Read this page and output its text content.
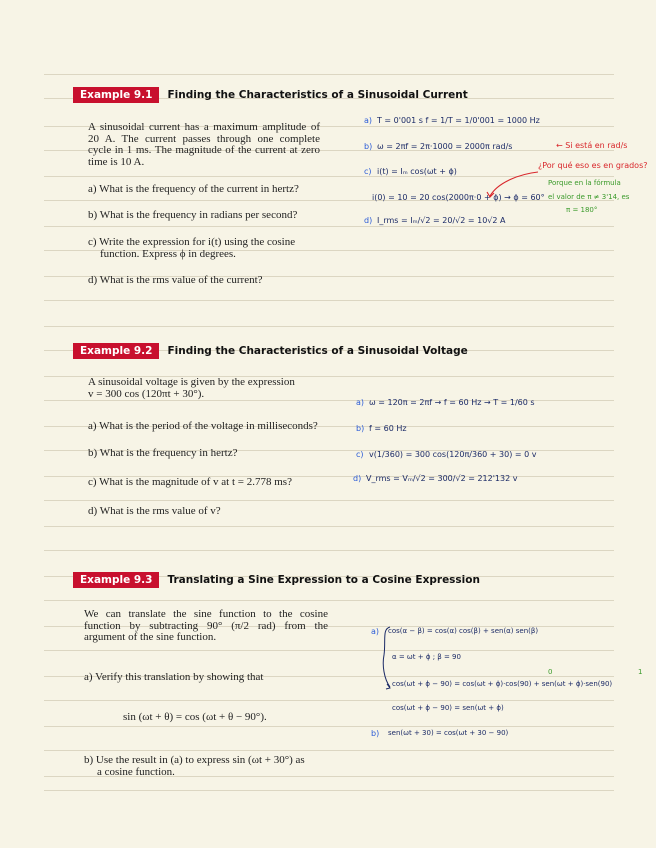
Example 9.1	Finding the Characteristics of a Sinusoidal Current
A sinusoidal current has a maximum amplitude of 20 A. The current passes through one complete cycle in 1 ms. The magnitude of the current at zero time is 10 A.
a) What is the frequency of the current in hertz?
b) What is the frequency in radians per second?
c) Write the expression for i(t) using the cosine
function. Express ϕ in degrees.
d) What is the rms value of the current?
a) T = 0'001 s f = 1/T = 1/0'001 = 1000 Hz
b) ω = 2πf = 2π·1000 = 2000π rad/s	← Si está en rad/s
c) i(t) = Iₘ cos(ωt + ϕ)
¿Por qué eso es en grados?
i(0) = 10 = 20 cos(2000π·0 + ϕ) → ϕ = 60°
Porque en la fórmula
el valor de π ≠ 3'14, es
π = 180°
d) I_rms = Iₘ/√2 = 20/√2 = 10√2 A
Example 9.2	Finding the Characteristics of a Sinusoidal Voltage
A sinusoidal voltage is given by the expression
v = 300 cos (120πt + 30°).
a) What is the period of the voltage in milliseconds?
b) What is the frequency in hertz?
c) What is the magnitude of v at t = 2.778 ms?
d) What is the rms value of v?
a) ω = 120π = 2πf → f = 60 Hz → T = 1/60 s
b) f = 60 Hz
c) v(1/360) = 300 cos(120π/360 + 30) = 0 v
d) V_rms = Vₘ/√2 = 300/√2 = 212'132 v
Example 9.3	Translating a Sine Expression to a Cosine Expression
We can translate the sine function to the cosine function by subtracting 90° (π/2 rad) from the argument of the sine function.
a) Verify this translation by showing that
sin (ωt + θ) = cos (ωt + θ − 90°).
b) Use the result in (a) to express sin (ωt + 30°) as
a cosine function.
a) cos(α − β) = cos(α) cos(β) + sen(α) sen(β)
α = ωt + ϕ ; β = 90
cos(ωt + ϕ − 90) = cos(ωt + ϕ)·cos(90) + sen(ωt + ϕ)·sen(90)
0	1
cos(ωt + ϕ − 90) = sen(ωt + ϕ)
b) sen(ωt + 30) = cos(ωt + 30 − 90)
